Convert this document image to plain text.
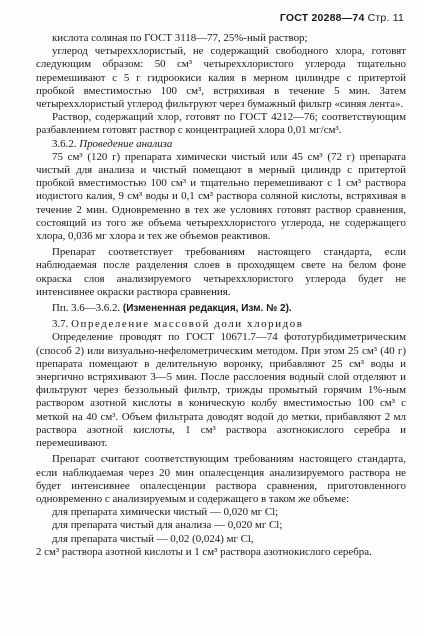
ГОСТ 20288—74 Стр. 11

кислота соляная по ГОСТ 3118—77, 25%-ный раствор;

углерод четыреххлористый, не содержащий свободного хлора, готовят следующим образом: 50 см³ четыреххлористого углерода тщательно перемешивают с 5 г гидроокиси калия в мерном цилиндре с притертой пробкой вместимостью 100 см³, встряхивая в течение 5 мин. Затем четыреххлористый углерод фильтруют через бумажный фильтр «синяя лента».

Раствор, содержащий хлор, готовят по ГОСТ 4212—76; соответствующим разбавлением готовят раствор с концентрацией хлора 0,01 мг/см³.

3.6.2. Проведение анализа

75 см³ (120 г) препарата химически чистый или 45 см³ (72 г) препарата чистый для анализа и чистый помещают в мерный цилиндр с притертой пробкой вместимостью 100 см³ и тщательно перемешивают с 1 см³ раствора иодистого калия, 9 см³ воды и 0,1 см³ раствора соляной кислоты, встряхивая в течение 2 мин. Одновременно в тех же условиях готовят раствор сравнения, состоящий из того же объема четыреххлористого углерода, не содержащего хлора, 0,036 мг хлора и тех же объемов реактивов.

Препарат соответствует требованиям настоящего стандарта, если наблюдаемая после разделения слоев в проходящем свете на белом фоне окраска слоя анализируемого четыреххлористого углерода будет не интенсивнее окраски раствора сравнения.

Пп. 3.6—3.6.2. (Измененная редакция, Изм. № 2).

3.7. Определение массовой доли хлоридов

Определение проводят по ГОСТ 10671.7—74 фототурбидиметрическим (способ 2) или визуально-нефелометрическим методом. При этом 25 см³ (40 г) препарата помещают в делительную воронку, прибавляют 25 см³ воды и энергично встряхивают 3—5 мин. После расслоения водный слой отделяют и фильтруют через беззольный фильтр, трижды промытый горячим 1%-ным раствором азотной кислоты в коническую колбу вместимостью 100 см³ с меткой на 40 см³. Объем фильтрата доводят водой до метки, прибавляют 2 мл раствора азотной кислоты, 1 см³ раствора азотнокислого серебра и перемешивают.

Препарат считают соответствующим требованиям настоящего стандарта, если наблюдаемая через 20 мин опалесценция анализируемого раствора не будет интенсивнее опалесценции раствора сравнения, приготовленного одновременно с анализируемым и содержащего в таком же объеме:

для препарата химически чистый — 0,020 мг Cl;

для препарата чистый для анализа — 0,020 мг Cl;

для препарата чистый — 0,02 (0,024) мг Cl,

2 см³ раствора азотной кислоты и 1 см³ раствора азотнокислого серебра.
